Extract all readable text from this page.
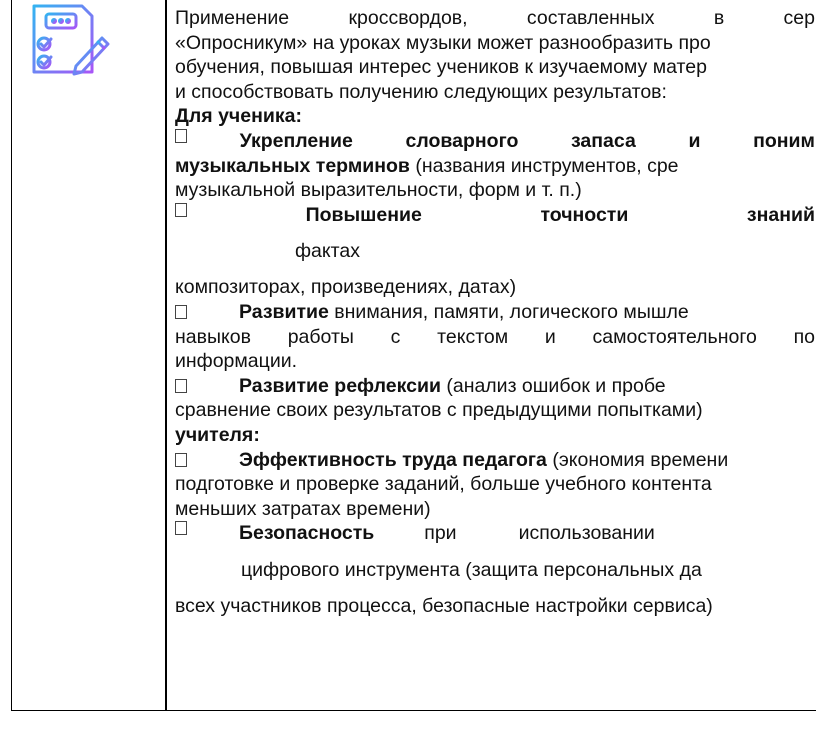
Применение	кроссвордов,	составленных	в	сер
«Опросникум» на уроках музыки может разнообразить про
обучения, повышая интерес учеников к изучаемому матер
и способствовать получению следующих результатов:
Для ученика:
Укрепление	словарного	запаса	и	поним
музыкальных терминов (названия инструментов, сре
музыкальной выразительности, форм и т. п.)
Повышение	точности	знаний
фактах
композиторах, произведениях, датах)
Развитие внимания, памяти, логического мышле
навыков работы с текстом и самостоятельного по
информации.
Развитие рефлексии (анализ ошибок и пробе
сравнение своих результатов с предыдущими попытками)
учителя:
Эффективность труда педагога (экономия времени
подготовке и проверке заданий, больше учебного контента
меньших затратах времени)
Безопасность	при	использовании
цифрового инструмента (защита персональных да
всех участников процесса, безопасные настройки сервиса)
